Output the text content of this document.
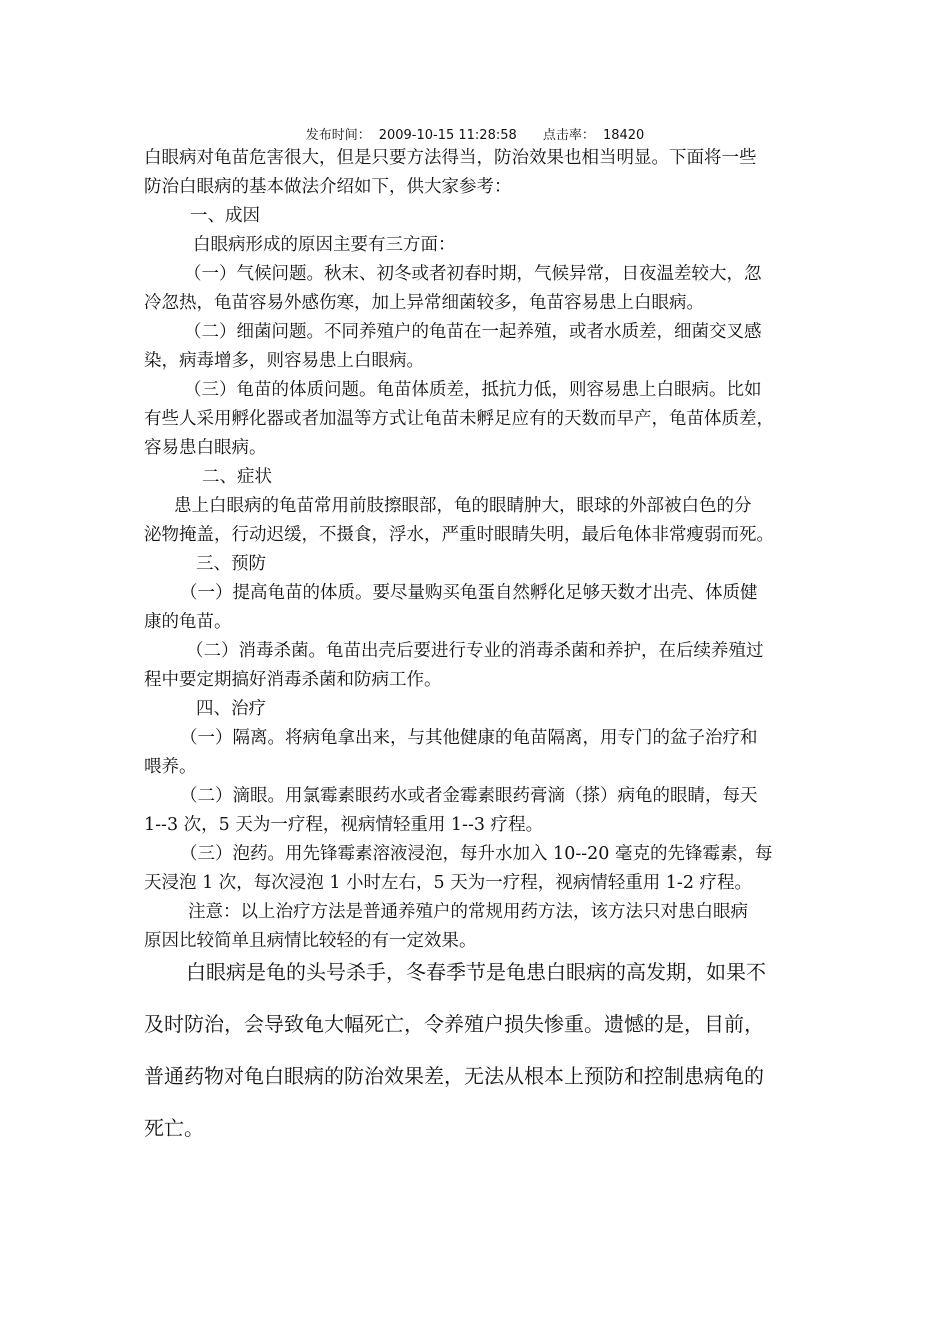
发布时间： 2009-10-15 11:28:58 点击率： 18420
白眼病对龟苗危害很大，但是只要方法得当，防治效果也相当明显。下面将一些
防治白眼病的基本做法介绍如下，供大家参考：
一、成因
白眼病形成的原因主要有三方面：
（一）气候问题。秋末、初冬或者初春时期，气候异常，日夜温差较大，忽
冷忽热，龟苗容易外感伤寒，加上异常细菌较多，龟苗容易患上白眼病。
（二）细菌问题。不同养殖户的龟苗在一起养殖，或者水质差，细菌交叉感
染，病毒增多，则容易患上白眼病。
（三）龟苗的体质问题。龟苗体质差，抵抗力低，则容易患上白眼病。比如
有些人采用孵化器或者加温等方式让龟苗未孵足应有的天数而早产，龟苗体质差，
容易患白眼病。
二、症状
患上白眼病的龟苗常用前肢擦眼部，龟的眼睛肿大，眼球的外部被白色的分
泌物掩盖，行动迟缓，不摄食，浮水，严重时眼睛失明，最后龟体非常瘦弱而死。
三、预防
（一）提高龟苗的体质。要尽量购买龟蛋自然孵化足够天数才出壳、体质健
康的龟苗。
（二）消毒杀菌。龟苗出壳后要进行专业的消毒杀菌和养护，在后续养殖过
程中要定期搞好消毒杀菌和防病工作。
四、治疗
（一）隔离。将病龟拿出来，与其他健康的龟苗隔离，用专门的盆子治疗和
喂养。
（二）滴眼。用氯霉素眼药水或者金霉素眼药膏滴（搽）病龟的眼睛，每天
1--3 次，5 天为一疗程，视病情轻重用 1--3 疗程。
（三）泡药。用先锋霉素溶液浸泡，每升水加入 10--20 毫克的先锋霉素，每
天浸泡 1 次，每次浸泡 1 小时左右，5 天为一疗程，视病情轻重用 1-2 疗程。
注意：以上治疗方法是普通养殖户的常规用药方法，该方法只对患白眼病
原因比较简单且病情比较轻的有一定效果。
白眼病是龟的头号杀手，冬春季节是龟患白眼病的高发期，如果不
及时防治，会导致龟大幅死亡，令养殖户损失惨重。遗憾的是，目前，
普通药物对龟白眼病的防治效果差，无法从根本上预防和控制患病龟的
死亡。
